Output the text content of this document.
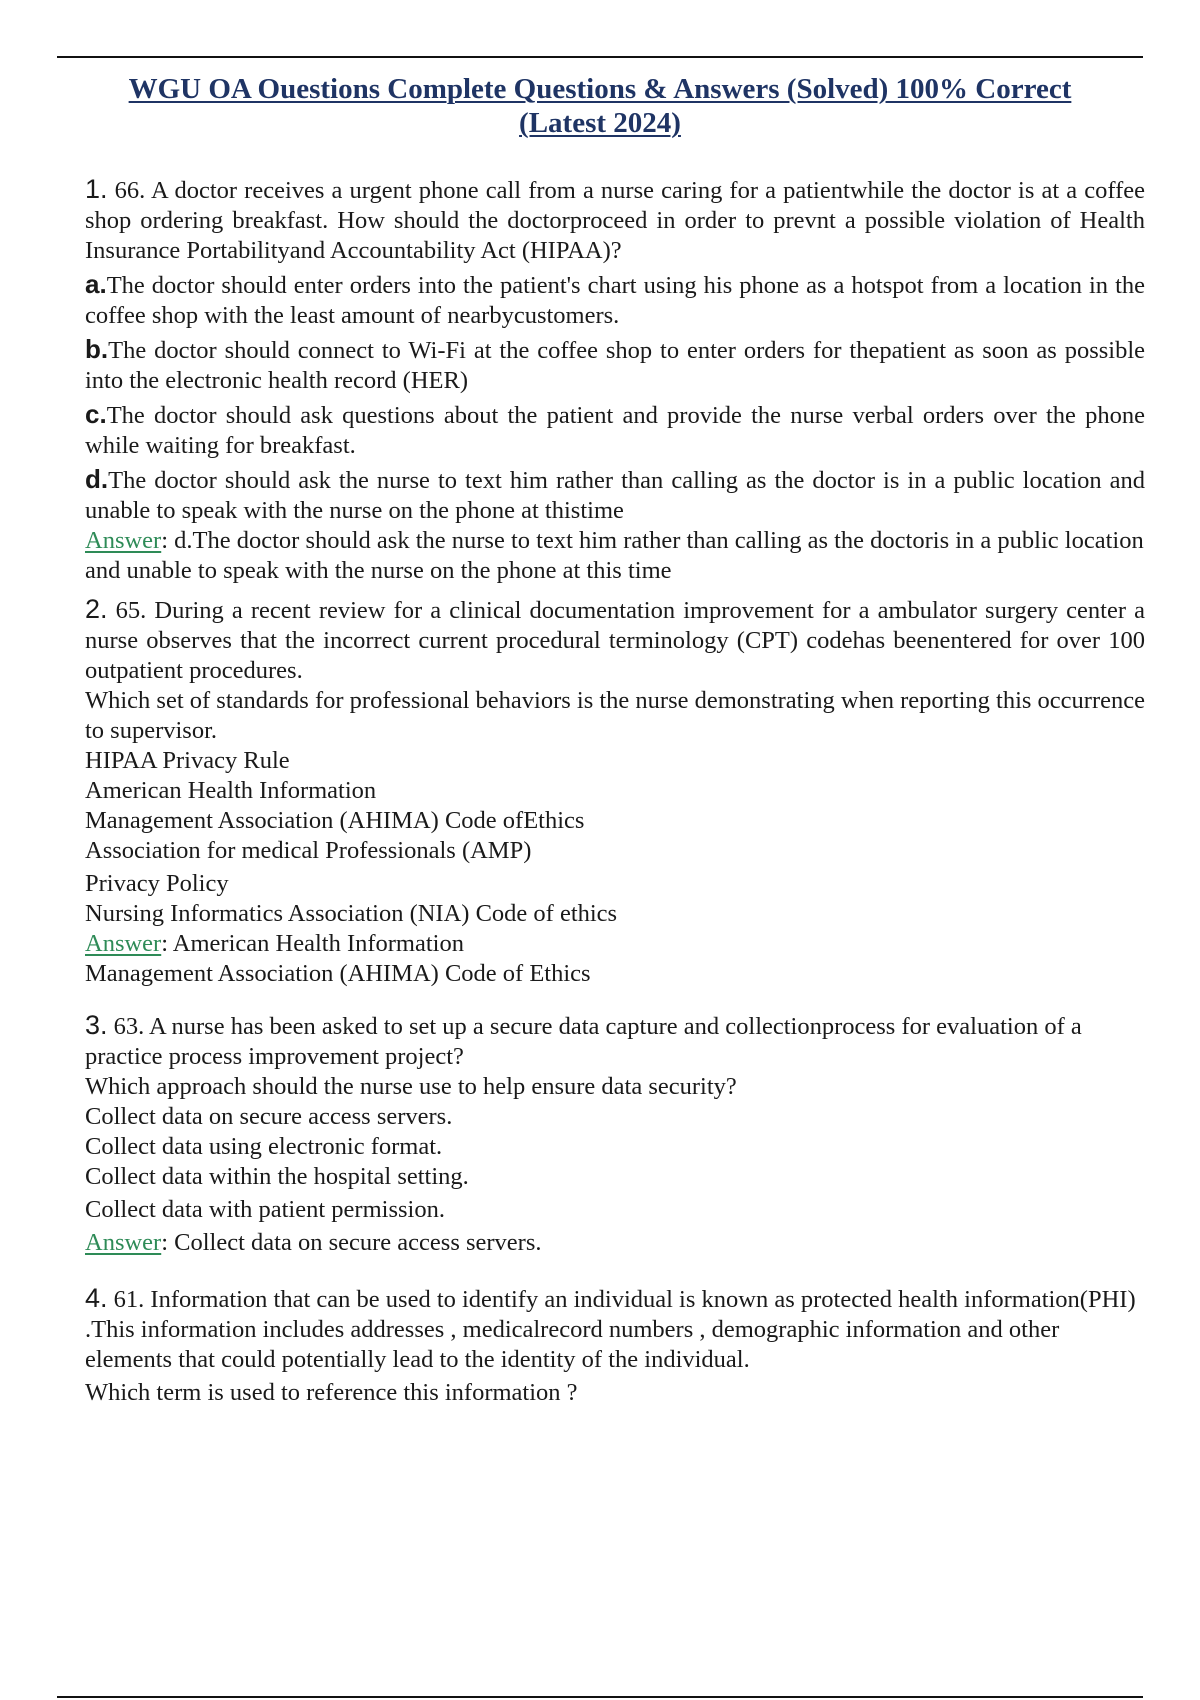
WGU OA Ouestions Complete Questions & Answers (Solved) 100% Correct
(Latest 2024)

1. 66. A doctor receives a urgent phone call from a nurse caring for a patientwhile the doctor is at a coffee shop ordering breakfast. How should the doctorproceed in order to prevnt a possible violation of Health Insurance Portabilityand Accountability Act (HIPAA)?

a.The doctor should enter orders into the patient's chart using his phone as a hotspot from a location in the coffee shop with the least amount of nearbycustomers.

b.The doctor should connect to Wi-Fi at the coffee shop to enter orders for thepatient as soon as possible into the electronic health record (HER)

c.The doctor should ask questions about the patient and provide the nurse verbal orders over the phone while waiting for breakfast.

d.The doctor should ask the nurse to text him rather than calling as the doctor is in a public location and unable to speak with the nurse on the phone at thistime

Answer: d.The doctor should ask the nurse to text him rather than calling as the doctoris in a public location and unable to speak with the nurse on the phone at this time

2. 65. During a recent review for a clinical documentation improvement for a ambulator surgery center a nurse observes that the incorrect current procedural terminology (CPT) codehas beenentered for over 100 outpatient procedures.

Which set of standards for professional behaviors is the nurse demonstrating when reporting this occurrence to supervisor.

HIPAA Privacy Rule

American Health Information

Management Association (AHIMA) Code ofEthics

Association for medical Professionals (AMP)

Privacy Policy

Nursing Informatics Association (NIA) Code of ethics

Answer: American Health Information

Management Association (AHIMA) Code of Ethics

3. 63. A nurse has been asked to set up a secure data capture and collectionprocess for evaluation of a practice process improvement project?

Which approach should the nurse use to help ensure data security?

Collect data on secure access servers.

Collect data using electronic format.

Collect data within the hospital setting.

Collect data with patient permission.

Answer: Collect data on secure access servers.

4. 61. Information that can be used to identify an individual is known as protected health information(PHI) .This information includes addresses , medicalrecord numbers , demographic information and other elements that could potentially lead to the identity of the individual.

Which term is used to reference this information ?
